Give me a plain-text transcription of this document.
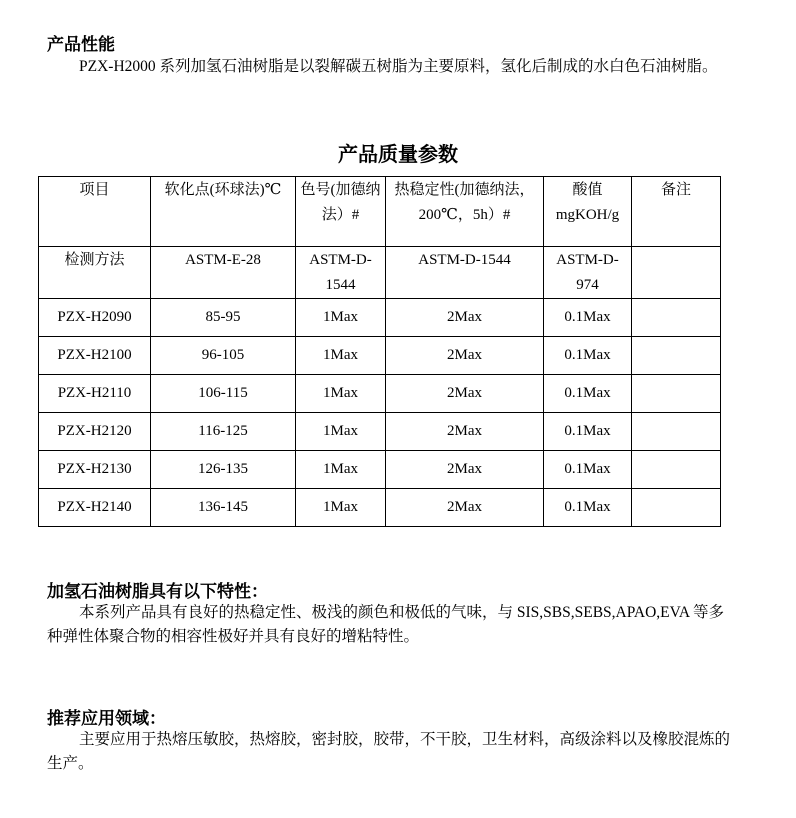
产品性能
PZX-H2000 系列加氢石油树脂是以裂解碳五树脂为主要原料，氢化后制成的水白色石油树脂。
产品质量参数
项目	软化点(环球法)℃	色号(加德纳法）#	热稳定性(加德纳法，200℃，5h）#	酸值 mgKOH/g	备注
检测方法	ASTM-E-28	ASTM-D-1544	ASTM-D-1544	ASTM-D-974	
PZX-H2090	85-95	1Max	2Max	0.1Max	
PZX-H2100	96-105	1Max	2Max	0.1Max	
PZX-H2110	106-115	1Max	2Max	0.1Max	
PZX-H2120	116-125	1Max	2Max	0.1Max	
PZX-H2130	126-135	1Max	2Max	0.1Max	
PZX-H2140	136-145	1Max	2Max	0.1Max	
加氢石油树脂具有以下特性：
本系列产品具有良好的热稳定性、极浅的颜色和极低的气味，与 SIS,SBS,SEBS,APAO,EVA 等多种弹性体聚合物的相容性极好并具有良好的增粘特性。
推荐应用领域：
主要应用于热熔压敏胶，热熔胶，密封胶，胶带，不干胶，卫生材料，高级涂料以及橡胶混炼的生产。
